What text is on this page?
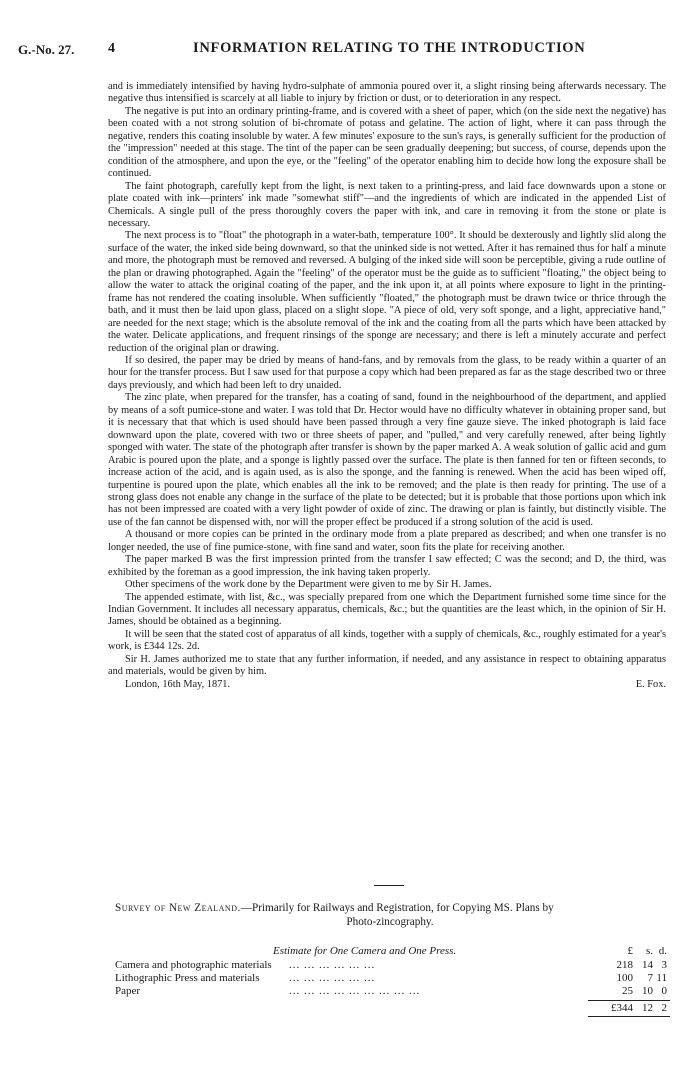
G.-No. 27. 4	INFORMATION RELATING TO THE INTRODUCTION

and is immediately intensified by having hydro-sulphate of ammonia poured over it, a slight rinsing being afterwards necessary. The negative thus intensified is scarcely at all liable to injury by friction or dust, or to deterioration in any respect.

The negative is put into an ordinary printing-frame, and is covered with a sheet of paper, which (on the side next the negative) has been coated with a not strong solution of bi-chromate of potass and gelatine. The action of light, where it can pass through the negative, renders this coating insoluble by water. A few minutes' exposure to the sun's rays, is generally sufficient for the production of the "impression" needed at this stage. The tint of the paper can be seen gradually deepening; but success, of course, depends upon the condition of the atmosphere, and upon the eye, or the "feeling" of the operator enabling him to decide how long the exposure shall be continued.

The faint photograph, carefully kept from the light, is next taken to a printing-press, and laid face downwards upon a stone or plate coated with ink—printers' ink made "somewhat stiff"—and the ingredients of which are indicated in the appended List of Chemicals. A single pull of the press thoroughly covers the paper with ink, and care in removing it from the stone or plate is necessary.

The next process is to "float" the photograph in a water-bath, temperature 100°. It should be dexterously and lightly slid along the surface of the water, the inked side being downward, so that the uninked side is not wetted. After it has remained thus for half a minute and more, the photograph must be removed and reversed. A bulging of the inked side will soon be perceptible, giving a rude outline of the plan or drawing photographed. Again the "feeling" of the operator must be the guide as to sufficient "floating," the object being to allow the water to attack the original coating of the paper, and the ink upon it, at all points where exposure to light in the printing-frame has not rendered the coating insoluble. When sufficiently "floated," the photograph must be drawn twice or thrice through the bath, and it must then be laid upon glass, placed on a slight slope. "A piece of old, very soft sponge, and a light, appreciative hand," are needed for the next stage; which is the absolute removal of the ink and the coating from all the parts which have been attacked by the water. Delicate applications, and frequent rinsings of the sponge are necessary; and there is left a minutely accurate and perfect reduction of the original plan or drawing.

If so desired, the paper may be dried by means of hand-fans, and by removals from the glass, to be ready within a quarter of an hour for the transfer process. But I saw used for that purpose a copy which had been prepared as far as the stage described two or three days previously, and which had been left to dry unaided.

The zinc plate, when prepared for the transfer, has a coating of sand, found in the neighbourhood of the department, and applied by means of a soft pumice-stone and water. I was told that Dr. Hector would have no difficulty whatever in obtaining proper sand, but it is necessary that that which is used should have been passed through a very fine gauze sieve. The inked photograph is laid face downward upon the plate, covered with two or three sheets of paper, and "pulled," and very carefully renewed, after being lightly sponged with water. The state of the photograph after transfer is shown by the paper marked A. A weak solution of gallic acid and gum Arabic is poured upon the plate, and a sponge is lightly passed over the surface. The plate is then fanned for ten or fifteen seconds, to increase action of the acid, and is again used, as is also the sponge, and the fanning is renewed. When the acid has been wiped off, turpentine is poured upon the plate, which enables all the ink to be removed; and the plate is then ready for printing. The use of a strong glass does not enable any change in the surface of the plate to be detected; but it is probable that those portions upon which ink has not been impressed are coated with a very light powder of oxide of zinc. The drawing or plan is faintly, but distinctly visible. The use of the fan cannot be dispensed with, nor will the proper effect be produced if a strong solution of the acid is used.

A thousand or more copies can be printed in the ordinary mode from a plate prepared as described; and when one transfer is no longer needed, the use of fine pumice-stone, with fine sand and water, soon fits the plate for receiving another.

The paper marked B was the first impression printed from the transfer I saw effected; C was the second; and D, the third, was exhibited by the foreman as a good impression, the ink having taken properly.

Other specimens of the work done by the Department were given to me by Sir H. James.

The appended estimate, with list, &c., was specially prepared from one which the Department furnished some time since for the Indian Government. It includes all necessary apparatus, chemicals, &c.; but the quantities are the least which, in the opinion of Sir H. James, should be obtained as a beginning.

It will be seen that the stated cost of apparatus of all kinds, together with a supply of chemicals, &c., roughly estimated for a year's work, is £344 12s. 2d.

Sir H. James authorized me to state that any further information, if needed, and any assistance in respect to obtaining apparatus and materials, would be given by him.

London, 16th May, 1871.	E. Fox.
Survey of New Zealand.—Primarily for Railways and Registration, for Copying MS. Plans by
Photo-zincography.
Estimate for One Camera and One Press.	£	s. d.
Camera and photographic materials ... ... ... ... ... ...	218 14 3
Lithographic Press and materials	... ... ... ... ... ...	100	7 11
Paper	... ... ... ... ... ... ... ... ...	25 10 0
£344 12 2
